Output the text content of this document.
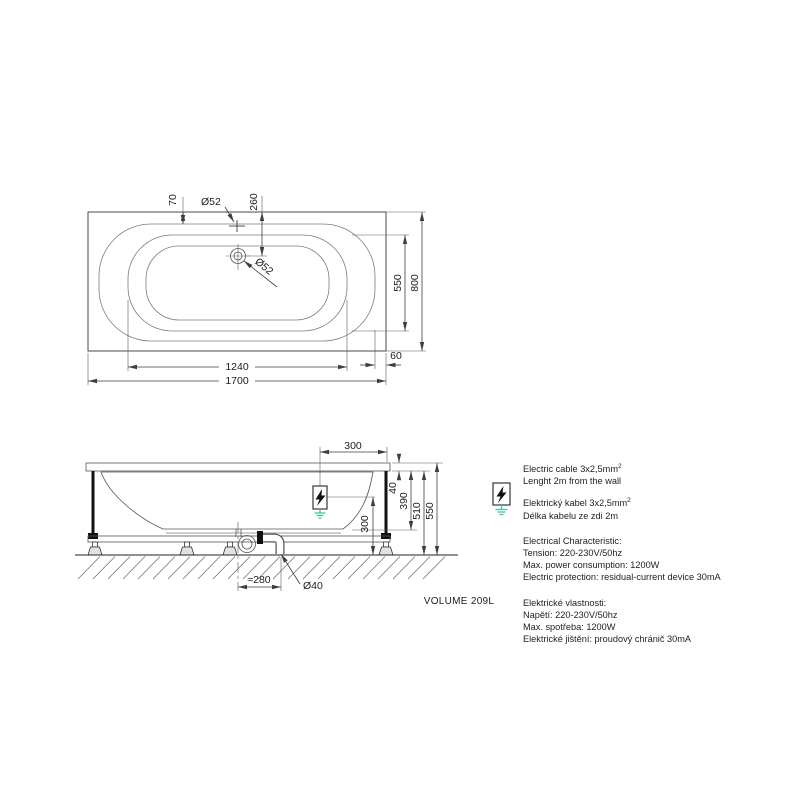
70 Ø52	260
Ø52
550 800
1240
1700
60
300
40
390
510 550
300
≈280	Ø40
VOLUME 209L
Electric cable $3x2,5mm^2$
Lenght 2m from the wall
Elektrický kabel $3x2,5mm^2$
Délka kabelu ze zdi 2m
Electrical Characteristic:
Tension: 220-230V/50hz
Max. power consumption: 1200W
Electric protection: residual-current device 30mA
Elektrické vlastnosti:
Napětí: 220-230V/50hz
Max. spotřeba: 1200W
Elektrické jištění: proudový chránič 30mA
